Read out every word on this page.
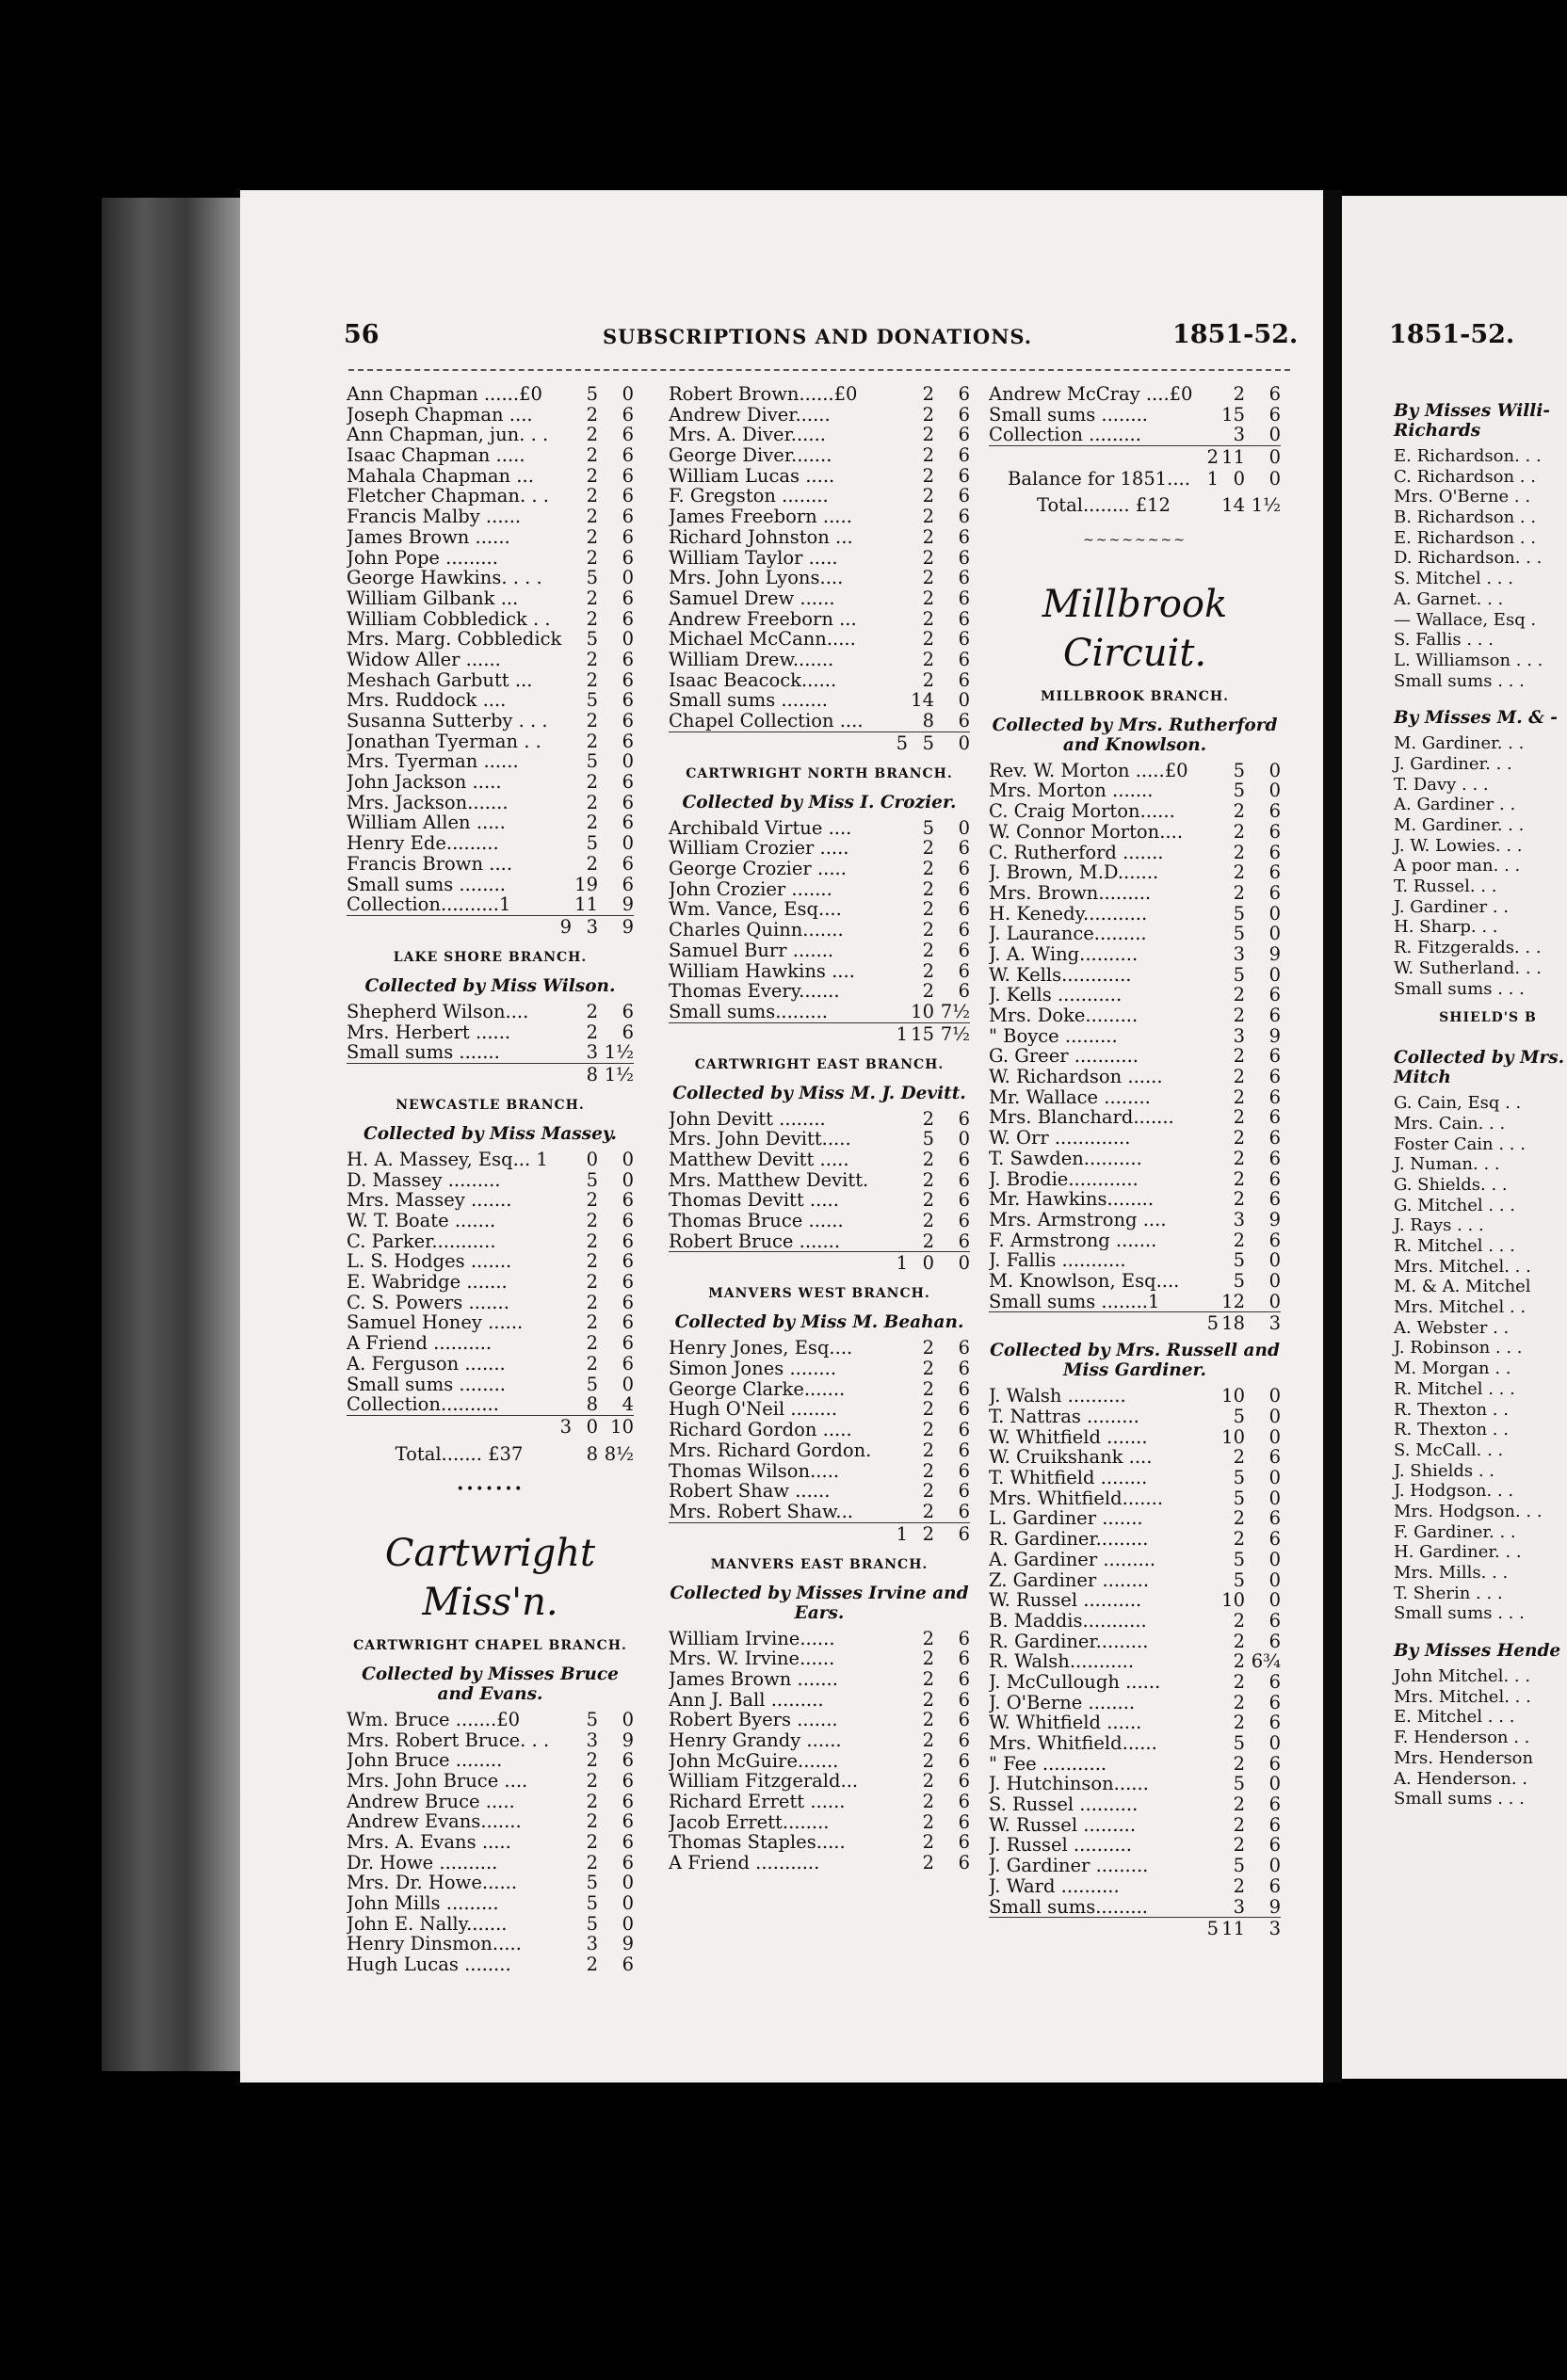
56	SUBSCRIPTIONS AND DONATIONS.	1851-52.	1851-52.
Ann Chapman ......£0	5	0
Joseph Chapman ....	2	6
Ann Chapman, jun. . .	2	6
Isaac Chapman .....	2	6
Mahala Chapman ...	2	6
Fletcher Chapman. . .	2	6
Francis Malby ......	2	6
James Brown ......	2	6
John Pope .........	2	6
George Hawkins. . . .	5	0
William Gilbank ...	2	6
William Cobbledick . .	2	6
Mrs. Marg. Cobbledick	5	0
Widow Aller ......	2	6
Meshach Garbutt ...	2	6
Mrs. Ruddock ....	5	6
Susanna Sutterby . . .	2	6
Jonathan Tyerman . .	2	6
Mrs. Tyerman ......	5	0
John Jackson .....	2	6
Mrs. Jackson.......	2	6
William Allen .....	2	6
Henry Ede.........	5	0
Francis Brown ....	2	6
Small sums ........	19	6
Collection..........1	11	9
9 3	9
LAKE SHORE BRANCH.
Collected by Miss Wilson.
Shepherd Wilson....	2	6
Mrs. Herbert ......	2	6
Small sums .......	3 1½
8 1½
NEWCASTLE BRANCH.
Collected by Miss Massey.
H. A. Massey, Esq... 1	0	0
D. Massey .........	5	0
Mrs. Massey .......	2	6
W. T. Boate .......	2	6
C. Parker...........	2	6
L. S. Hodges .......	2	6
E. Wabridge .......	2	6
C. S. Powers .......	2	6
Samuel Honey ......	2	6
A Friend ..........	2	6
A. Ferguson .......	2	6
Small sums ........	5	0
Collection..........	8	4
3 0 10
Total....... £37	8 8½
•••••••
Cartwright Miss'n.
CARTWRIGHT CHAPEL BRANCH.
Collected by Misses Bruce and Evans.
Wm. Bruce .......£0	5	0
Mrs. Robert Bruce. . .	3	9
John Bruce ........	2	6
Mrs. John Bruce ....	2	6
Andrew Bruce .....	2	6
Andrew Evans.......	2	6
Mrs. A. Evans .....	2	6
Dr. Howe ..........	2	6
Mrs. Dr. Howe......	5	0
John Mills .........	5	0
John E. Nally.......	5	0
Henry Dinsmon.....	3	9
Hugh Lucas ........	2	6
Robert Brown......£0	2	6
Andrew Diver......	2	6
Mrs. A. Diver......	2	6
George Diver.......	2	6
William Lucas .....	2	6
F. Gregston ........	2	6
James Freeborn .....	2	6
Richard Johnston ...	2	6
William Taylor .....	2	6
Mrs. John Lyons....	2	6
Samuel Drew ......	2	6
Andrew Freeborn ...	2	6
Michael McCann.....	2	6
William Drew.......	2	6
Isaac Beacock......	2	6
Small sums ........	14	0
Chapel Collection ....	8	6
5 5	0
CARTWRIGHT NORTH BRANCH.
Collected by Miss I. Crozier.
Archibald Virtue ....	5	0
William Crozier .....	2	6
George Crozier .....	2	6
John Crozier .......	2	6
Wm. Vance, Esq....	2	6
Charles Quinn.......	2	6
Samuel Burr .......	2	6
William Hawkins ....	2	6
Thomas Every.......	2	6
Small sums.........	10 7½
1 15 7½
CARTWRIGHT EAST BRANCH.
Collected by Miss M. J. Devitt.
John Devitt ........	2	6
Mrs. John Devitt.....	5	0
Matthew Devitt .....	2	6
Mrs. Matthew Devitt.	2	6
Thomas Devitt .....	2	6
Thomas Bruce ......	2	6
Robert Bruce .......	2	6
1 0	0
MANVERS WEST BRANCH.
Collected by Miss M. Beahan.
Henry Jones, Esq....	2	6
Simon Jones ........	2	6
George Clarke.......	2	6
Hugh O'Neil ........	2	6
Richard Gordon .....	2	6
Mrs. Richard Gordon.	2	6
Thomas Wilson.....	2	6
Robert Shaw ......	2	6
Mrs. Robert Shaw...	2	6
1 2	6
MANVERS EAST BRANCH.
Collected by Misses Irvine and Ears.
William Irvine......	2	6
Mrs. W. Irvine......	2	6
James Brown .......	2	6
Ann J. Ball .........	2	6
Robert Byers .......	2	6
Henry Grandy ......	2	6
John McGuire.......	2	6
William Fitzgerald...	2	6
Richard Errett ......	2	6
Jacob Errett........	2	6
Thomas Staples.....	2	6
A Friend ...........	2	6
Andrew McCray ....£0	2	6
Small sums ........	15	6
Collection .........	3	0
2 11	0
Balance for 1851.... 1 0	0
Total........ £12	14 1½
~~~~~~~~
Millbrook Circuit.
MILLBROOK BRANCH.
Collected by Mrs. Rutherford and Knowlson.
Rev. W. Morton .....£0	5	0
Mrs. Morton .......	5	0
C. Craig Morton......	2	6
W. Connor Morton....	2	6
C. Rutherford .......	2	6
J. Brown, M.D.......	2	6
Mrs. Brown.........	2	6
H. Kenedy...........	5	0
J. Laurance.........	5	0
J. A. Wing..........	3	9
W. Kells............	5	0
J. Kells ...........	2	6
Mrs. Doke.........	2	6
" Boyce .........	3	9
G. Greer ...........	2	6
W. Richardson ......	2	6
Mr. Wallace ........	2	6
Mrs. Blanchard.......	2	6
W. Orr .............	2	6
T. Sawden..........	2	6
J. Brodie............	2	6
Mr. Hawkins........	2	6
Mrs. Armstrong ....	3	9
F. Armstrong .......	2	6
J. Fallis ...........	5	0
M. Knowlson, Esq....	5	0
Small sums ........1	12	0
5 18	3
Collected by Mrs. Russell and Miss Gardiner.
J. Walsh ..........	10	0
T. Nattras .........	5	0
W. Whitfield .......	10	0
W. Cruikshank ....	2	6
T. Whitfield ........	5	0
Mrs. Whitfield.......	5	0
L. Gardiner .......	2	6
R. Gardiner.........	2	6
A. Gardiner .........	5	0
Z. Gardiner ........	5	0
W. Russel ..........	10	0
B. Maddis...........	2	6
R. Gardiner.........	2	6
R. Walsh...........	2 6¾
J. McCullough ......	2	6
J. O'Berne ........	2	6
W. Whitfield ......	2	6
Mrs. Whitfield......	5	0
" Fee ...........	2	6
J. Hutchinson......	5	0
S. Russel ..........	2	6
W. Russel .........	2	6
J. Russel ..........	2	6
J. Gardiner .........	5	0
J. Ward ..........	2	6
Small sums.........	3	9
5 11	3
By Misses Willi- Richards
E. Richardson. . .
C. Richardson . .
Mrs. O'Berne . .
B. Richardson . .
E. Richardson . .
D. Richardson. . .
S. Mitchel . . .
A. Garnet. . .
— Wallace, Esq .
S. Fallis . . .
L. Williamson . . .
Small sums . . .
By Misses M. & -
M. Gardiner. . .
J. Gardiner. . .
T. Davy . . .
A. Gardiner . .
M. Gardiner. . .
J. W. Lowies. . .
A poor man. . .
T. Russel. . .
J. Gardiner . .
H. Sharp. . .
R. Fitzgeralds. . .
W. Sutherland. . .
Small sums . . .
SHIELD'S B
Collected by Mrs. Mitch
G. Cain, Esq . .
Mrs. Cain. . .
Foster Cain . . .
J. Numan. . .
G. Shields. . .
G. Mitchel . . .
J. Rays . . .
R. Mitchel . . .
Mrs. Mitchel. . .
M. & A. Mitchel
Mrs. Mitchel . .
A. Webster . .
J. Robinson . . .
M. Morgan . .
R. Mitchel . . .
R. Thexton . .
R. Thexton . .
S. McCall. . .
J. Shields . .
J. Hodgson. . .
Mrs. Hodgson. . .
F. Gardiner. . .
H. Gardiner. . .
Mrs. Mills. . .
T. Sherin . . .
Small sums . . .
By Misses Hende
John Mitchel. . .
Mrs. Mitchel. . .
E. Mitchel . . .
F. Henderson . .
Mrs. Henderson
A. Henderson. .
Small sums . . .
